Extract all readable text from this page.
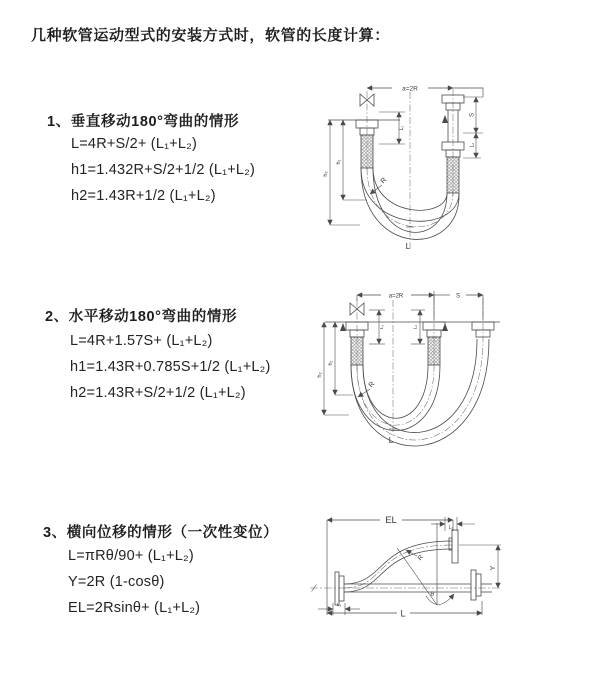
几种软管运动型式的安装方式时，软管的长度计算：
1、垂直移动180°弯曲的情形
L=4R+S/2+ (L₁+L₂)
h1=1.432R+S/2+1/2 (L₁+L₂)
h2=1.43R+1/2 (L₁+L₂)
2、水平移动180°弯曲的情形
L=4R+1.57S+ (L₁+L₂)
h1=1.43R+0.785S+1/2 (L₁+L₂)
h2=1.43R+S/2+1/2 (L₁+L₂)
3、横向位移的情形（一次性变位）
L=πRθ/90+ (L₁+L₂)
Y=2R (1-cosθ)
EL=2Rsinθ+ (L₁+L₂)
a=2R
L₁
S
L₂
h₂
h₁
R
L
a=2R	S
L₁	L₂
h₂
h₁
R
L
EL
L₂
Y
θ
L
L₁
R
